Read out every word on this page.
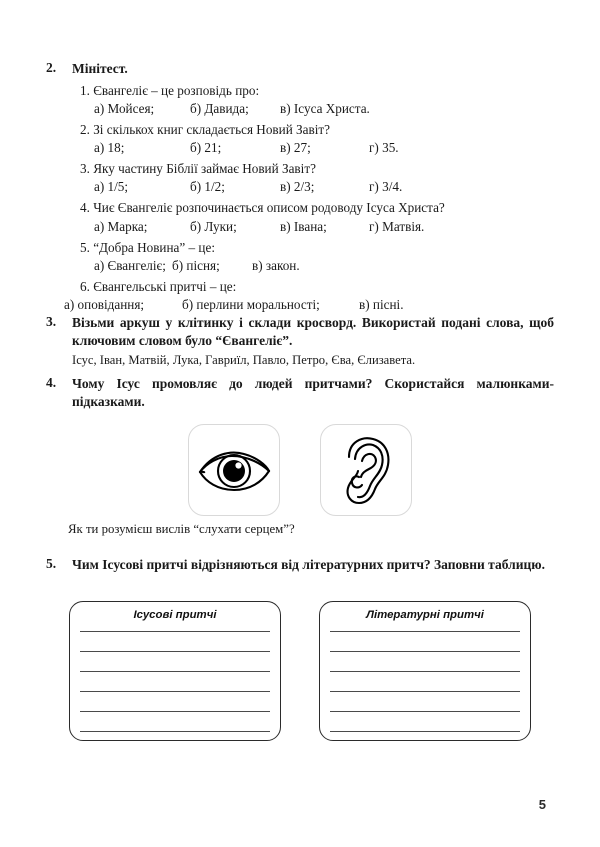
2.	Мінітест.
1. Євангеліє – це розповідь про:
а) Мойсея;	б) Давида; в) Ісуса Христа.
2. Зі скількох книг складається Новий Завіт?
а) 18;	б) 21;	в) 27;	г) 35.
3. Яку частину Біблії займає Новий Завіт?
а) 1/5;	б) 1/2;	в) 2/3;	г) 3/4.
4. Чиє Євангеліє розпочинається описом родоводу Ісуса Христа?
а) Марка;	б) Луки;	в) Івана;	г) Матвія.
5. “Добра Новина” – це:
а) Євангеліє; б) пісня; в) закон.
6. Євангельські притчі – це:
а) оповідання;	б) перлини моральності;	в) пісні.
3.	Візьми аркуш у клітинку і склади кросворд. Використай подані слова, щоб ключовим словом було “Євангеліє”.
Ісус, Іван, Матвій, Лука, Гавриїл, Павло, Петро, Єва, Єлизавета.
4.	Чому Ісус промовляє до людей притчами? Скористайся малюнками-підказками.
Як ти розумієш вислів “слухати серцем”?
5.	Чим Ісусові притчі відрізняються від літературних притч? Заповни таблицю.
Ісусові притчі	Літературні притчі
5
